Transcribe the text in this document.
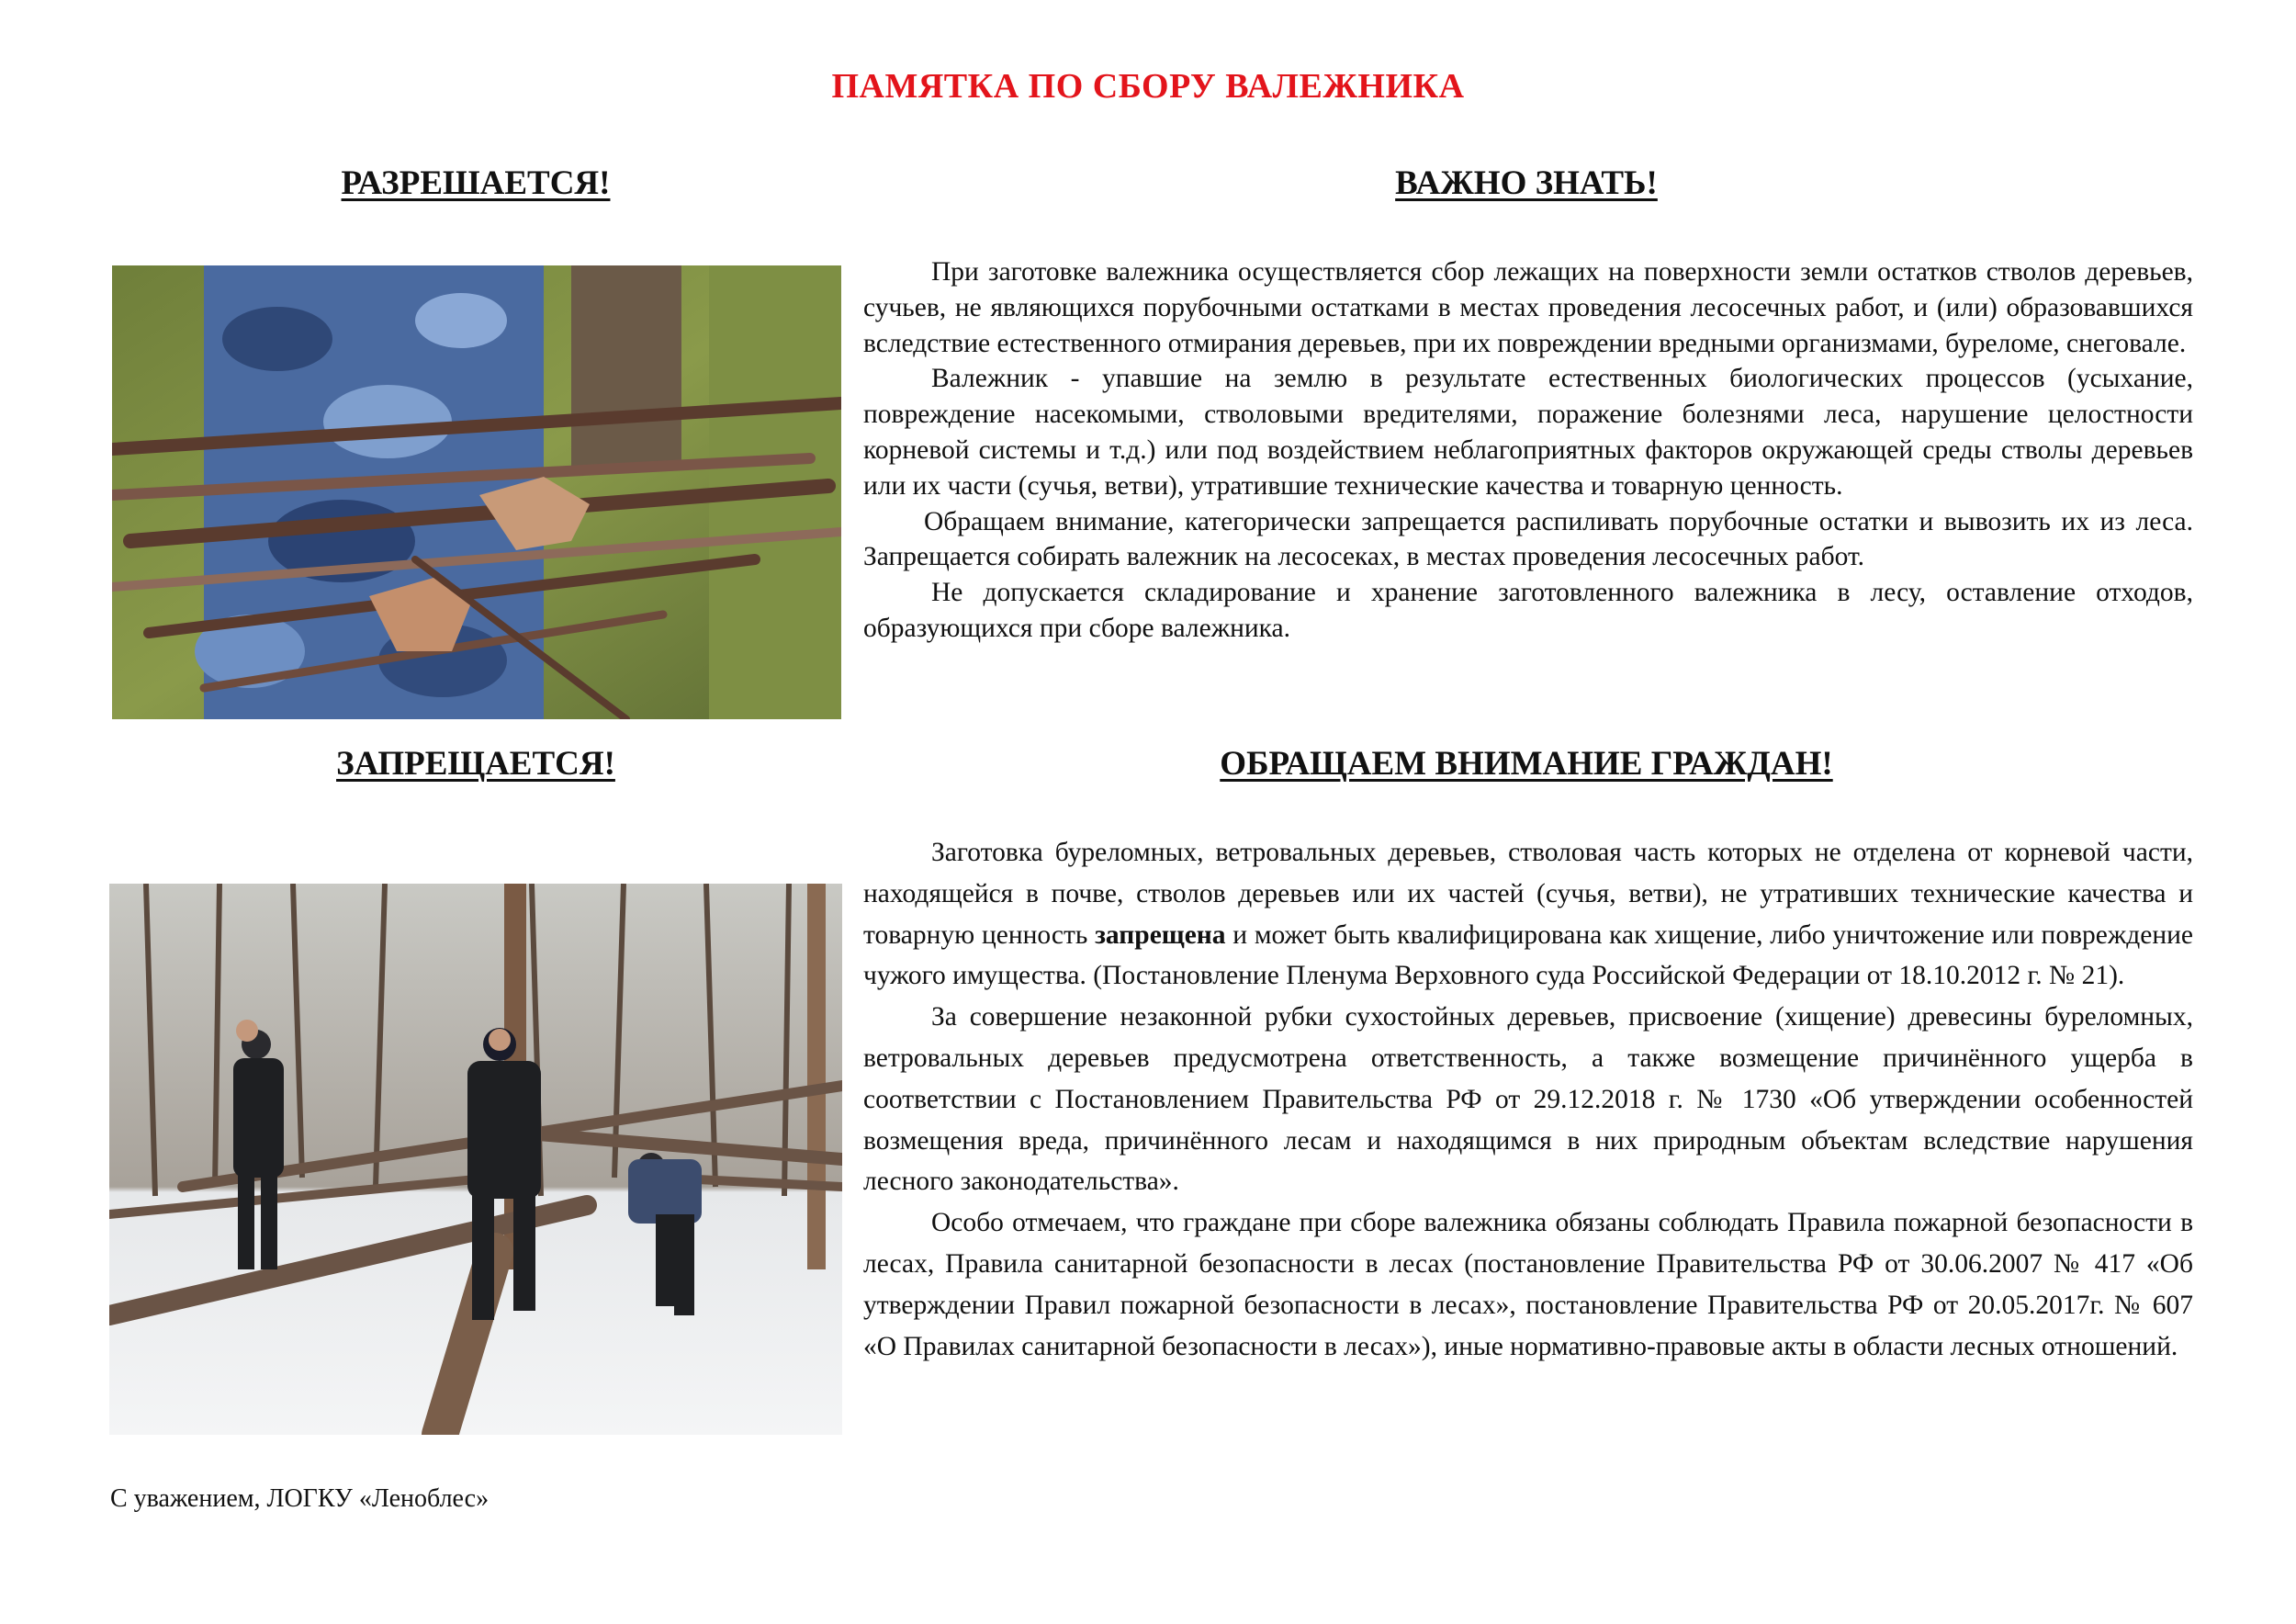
ПАМЯТКА ПО СБОРУ ВАЛЕЖНИКА
РАЗРЕШАЕТСЯ!	ВАЖНО ЗНАТЬ!

При заготовке валежника осуществляется сбор лежащих на поверхности земли остатков стволов деревьев, сучьев, не являющихся порубочными остатками в местах проведения лесосечных работ, и (или) образовавшихся вследствие естественного отмирания деревьев, при их повреждении вредными организмами, буреломе, снеговале.

Валежник - упавшие на землю в результате естественных биологических процессов (усыхание, повреждение насекомыми, стволовыми вредителями, поражение болезнями леса, нарушение целостности корневой системы и т.д.) или под воздействием неблагоприятных факторов окружающей среды стволы деревьев или их части (сучья, ветви), утратившие технические качества и товарную ценность.

Обращаем внимание, категорически запрещается распиливать порубочные остатки и вывозить их из леса. Запрещается собирать валежник на лесосеках, в местах проведения лесосечных работ.

Не допускается складирование и хранение заготовленного валежника в лесу, оставление отходов, образующихся при сборе валежника.

ЗАПРЕЩАЕТСЯ!	ОБРАЩАЕМ ВНИМАНИЕ ГРАЖДАН!

Заготовка буреломных, ветровальных деревьев, стволовая часть которых не отделена от корневой части, находящейся в почве, стволов деревьев или их частей (сучья, ветви), не утративших технические качества и товарную ценность запрещена и может быть квалифицирована как хищение, либо уничтожение или повреждение чужого имущества. (Постановление Пленума Верховного суда Российской Федерации от 18.10.2012 г. № 21).

За совершение незаконной рубки сухостойных деревьев, присвоение (хищение) древесины буреломных, ветровальных деревьев предусмотрена ответственность, а также возмещение причинённого ущерба в соответствии с Постановлением Правительства РФ от 29.12.2018 г. № 1730 «Об утверждении особенностей возмещения вреда, причинённого лесам и находящимся в них природным объектам вследствие нарушения лесного законодательства».

Особо отмечаем, что граждане при сборе валежника обязаны соблюдать Правила пожарной безопасности в лесах, Правила санитарной безопасности в лесах (постановление Правительства РФ от 30.06.2007 № 417 «Об утверждении Правил пожарной безопасности в лесах», постановление Правительства РФ от 20.05.2017г. № 607 «О Правилах санитарной безопасности в лесах»), иные нормативно-правовые акты в области лесных отношений.

С уважением, ЛОГКУ «Леноблес»
